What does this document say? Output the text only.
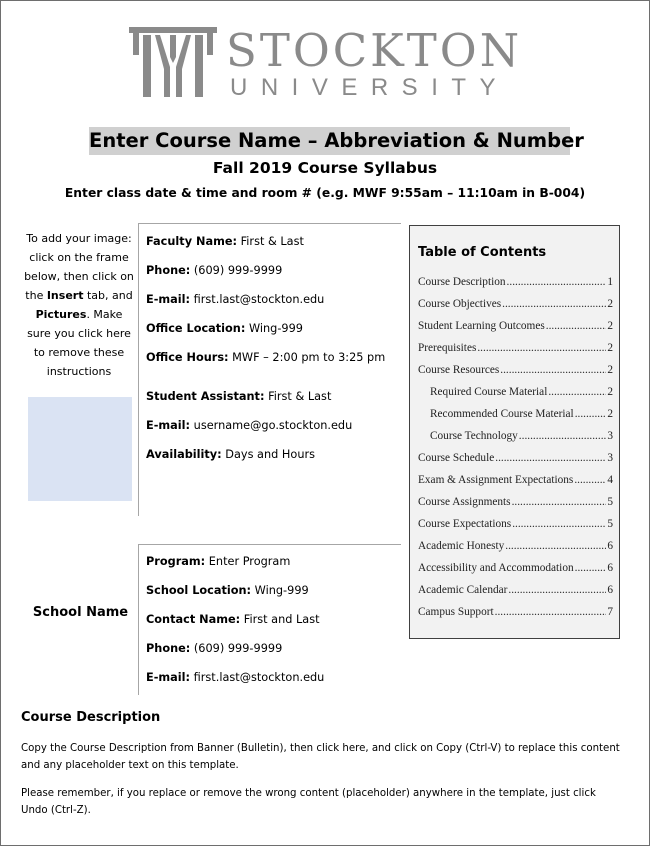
STOCKTON
UNIVERSITY
Enter Course Name – Abbreviation & Number
Fall 2019 Course Syllabus
Enter class date & time and room # (e.g. MWF 9:55am – 11:10am in B-004)
To add your image: click on the frame below, then click on the Insert tab, and Pictures. Make sure you click here to remove these instructions
School Name
Faculty Name: First & Last
Phone: (609) 999-9999
E-mail: first.last@stockton.edu
Office Location: Wing-999
Office Hours: MWF – 2:00 pm to 3:25 pm
Student Assistant: First & Last
E-mail: username@go.stockton.edu
Availability: Days and Hours
Program: Enter Program
School Location: Wing-999
Contact Name: First and Last
Phone: (609) 999-9999
E-mail: first.last@stockton.edu
Table of Contents
Course Description .....	1
Course Objectives .....	2
Student Learning Outcomes .....	2
Prerequisites .....	2
Course Resources .....	2
Required Course Material .....	2
Recommended Course Material .....	2
Course Technology .....	3
Course Schedule .....	3
Exam & Assignment Expectations .....	4
Course Assignments .....	5
Course Expectations .....	5
Academic Honesty .....	6
Accessibility and Accommodation .....	6
Academic Calendar .....	6
Campus Support .....	7
Course Description
Copy the Course Description from Banner (Bulletin), then click here, and click on Copy (Ctrl-V) to replace this content and any placeholder text on this template.
Please remember, if you replace or remove the wrong content (placeholder) anywhere in the template, just click Undo (Ctrl-Z).
